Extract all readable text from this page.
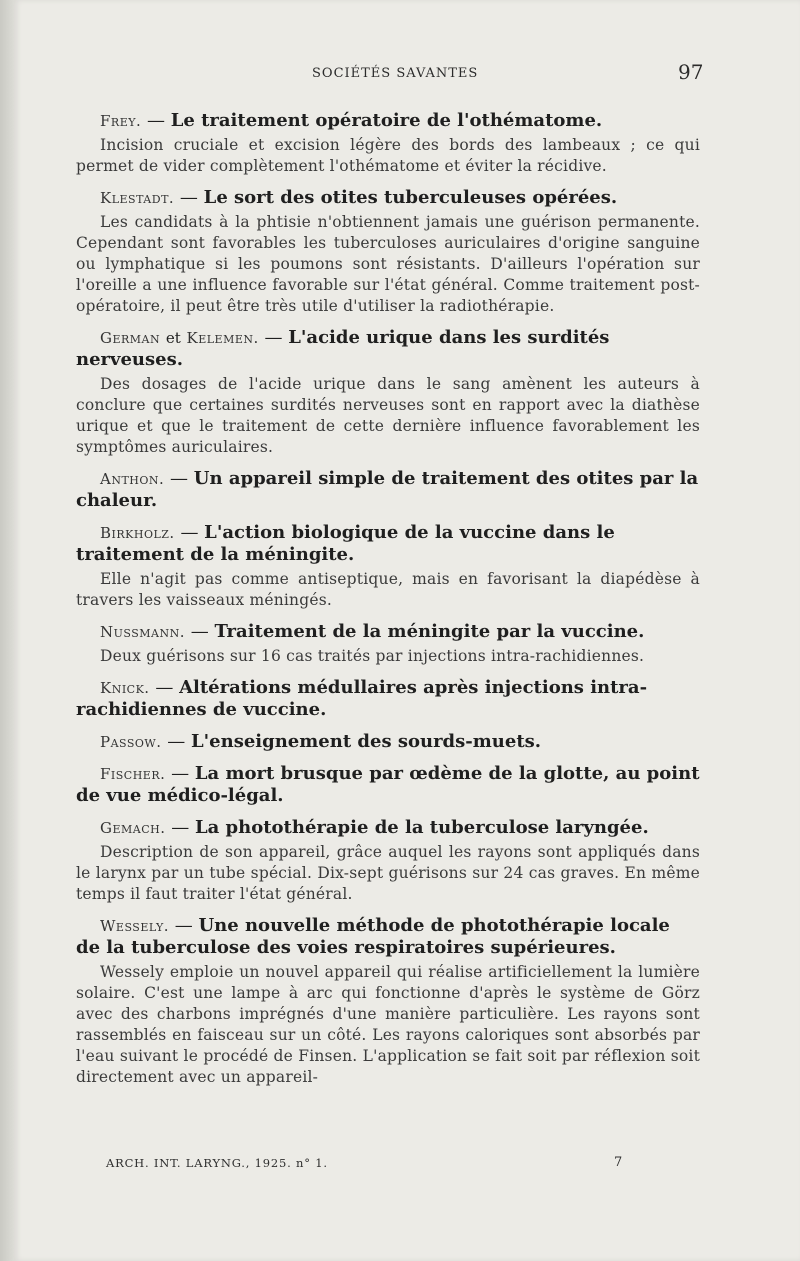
SOCIÉTÉS SAVANTES	97

Frey. — Le traitement opératoire de l'othématome.

Incision cruciale et excision légère des bords des lambeaux ; ce qui permet de vider complètement l'othématome et éviter la récidive.

Klestadt. — Le sort des otites tuberculeuses opérées.

Les candidats à la phtisie n'obtiennent jamais une guérison permanente. Cependant sont favorables les tuberculoses auriculaires d'origine sanguine ou lymphatique si les poumons sont résistants. D'ailleurs l'opération sur l'oreille a une influence favorable sur l'état général. Comme traitement post-opératoire, il peut être très utile d'utiliser la radiothérapie.

German et Kelemen. — L'acide urique dans les surdités nerveuses.

Des dosages de l'acide urique dans le sang amènent les auteurs à conclure que certaines surdités nerveuses sont en rapport avec la diathèse urique et que le traitement de cette dernière influence favorablement les symptômes auriculaires.

Anthon. — Un appareil simple de traitement des otites par la chaleur.

Birkholz. — L'action biologique de la vuccine dans le traitement de la méningite.

Elle n'agit pas comme antiseptique, mais en favorisant la diapédèse à travers les vaisseaux méningés.

Nussmann. — Traitement de la méningite par la vuccine.

Deux guérisons sur 16 cas traités par injections intra-rachidiennes.

Knick. — Altérations médullaires après injections intra-rachidiennes de vuccine.

Passow. — L'enseignement des sourds-muets.

Fischer. — La mort brusque par œdème de la glotte, au point de vue médico-légal.

Gemach. — La photothérapie de la tuberculose laryngée.

Description de son appareil, grâce auquel les rayons sont appliqués dans le larynx par un tube spécial. Dix-sept guérisons sur 24 cas graves. En même temps il faut traiter l'état général.

Wessely. — Une nouvelle méthode de photothérapie locale de la tuberculose des voies respiratoires supérieures.

Wessely emploie un nouvel appareil qui réalise artificiellement la lumière solaire. C'est une lampe à arc qui fonctionne d'après le système de Görz avec des charbons imprégnés d'une manière particulière. Les rayons sont rassemblés en faisceau sur un côté. Les rayons caloriques sont absorbés par l'eau suivant le procédé de Finsen. L'application se fait soit par réflexion soit directement avec un appareil-

ARCH. INT. LARYNG., 1925. n° 1.	7
